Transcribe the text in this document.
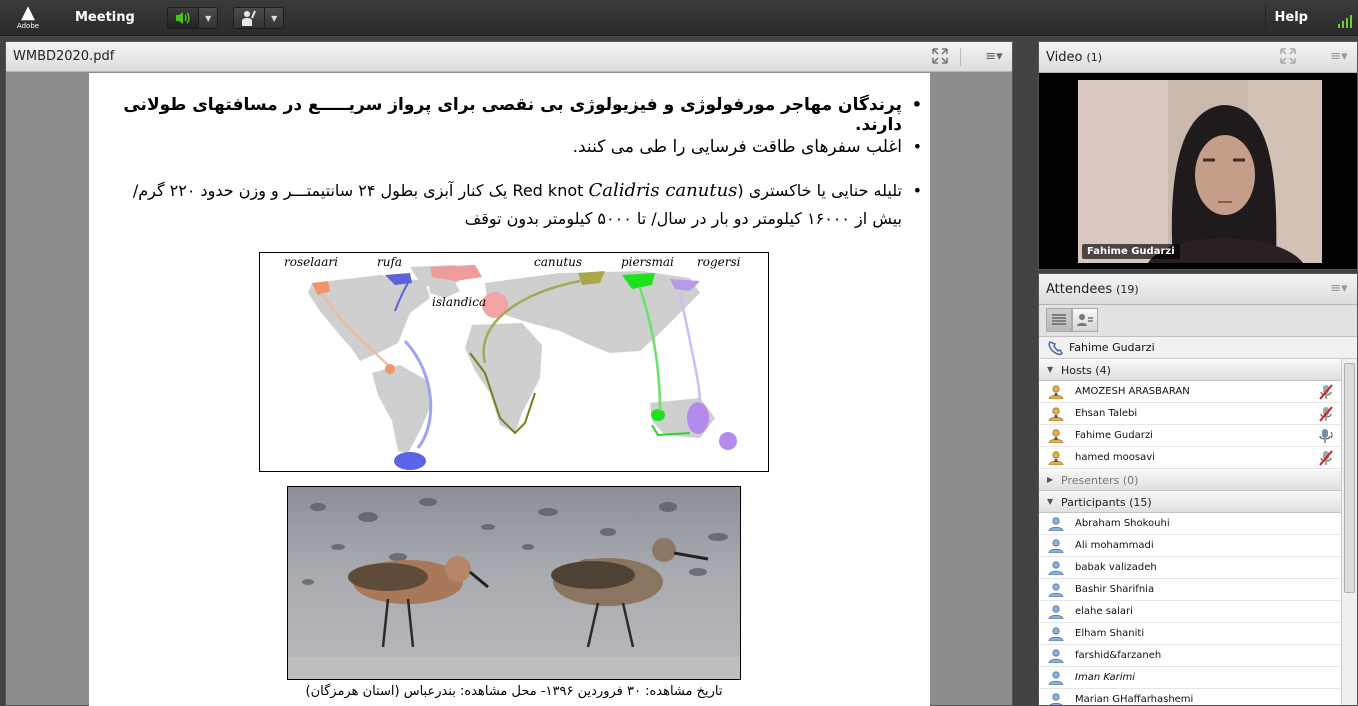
▲
Adobe
Meeting	▼	▼	Help
WMBD2020.pdf	≡▾
•
پرندگان مهاجر مورفولوژی و فیزیولوژی بی نقصی برای پرواز سریـــــع در مسافتهای طولانی دارند.
•
اغلب سفرهای طاقت فرسایی را طی می کنند.
•
تلیله حنایی یا خاکستری (Red knot Calidris canutus یک کنار آبزی بطول ۲۴ سانتیمتـــر و وزن حدود ۲۲۰ گرم/ بیش از ۱۶۰۰۰ کیلومتر دو بار در سال/ تا ۵۰۰۰ کیلومتر بدون توقف
roselaari	rufa	canutus	piersmai rogersi
islandica
تاریخ مشاهده: ۳۰ فروردین ۱۳۹۶- محل مشاهده: بندرعباس (استان هرمزگان)
Video (1)	≡▾
Fahime Gudarzi
Attendees (19)	≡▾
Fahime Gudarzi
▼ Hosts (4)
AMOZESH ARASBARAN
Ehsan Talebi
Fahime Gudarzi
hamed moosavi
▶ Presenters (0)
▼ Participants (15)
Abraham Shokouhi
Ali mohammadi
babak valizadeh
Bashir Sharifnia
elahe salari
Elham Shaniti
farshid&farzaneh
Iman Karimi
Marian GHaffarhashemi
